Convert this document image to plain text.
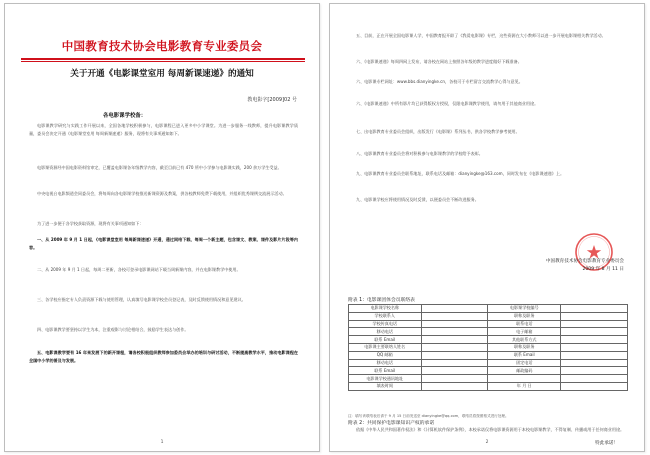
中国教育技术协会电影教育专业委员会
关于开通《电影课堂室用 每周新课速递》的通知
教电影字[2009]02 号
各电影课学校备：

电影课教学研究与实践工作开展以来，全国各地学校积极参与，电影课程已进入更多中小学课堂。为进一步服务一线教师，提升电影课教学质量，委员会决定开通《电影课堂室用 每周新课速递》服务，现将有关事项通知如下。

电影课资源经中国电影资料馆审定，已覆盖电影课各年级教学内容，截至目前已有 470 所中小学参与电影课实践，200 余万学生受益。

中央电视台电影频道会同委员会，将每周向各电影课学校推送新课资源及教案，供各校教师免费下载使用，并组织优秀课例交流展示活动。

为了进一步便于各学校获取资源，现将有关事项通知如下：

一、从 2009 年 9 月 1 日起，《电影课堂室用 每周新课速递》开通，通过网络下载、每周一个新主题，包含课文、教案、课件及影片片段等内容。

二、从 2009 年 9 月 1 日起，每周二更新，各校可登录电影课网站下载当周新课内容，并在电影课教学中使用。

三、各学校应指定专人负责资源下载与使用管理，认真填写电影课学校会员登记表，及时反馈使用情况和意见建议。

四、电影课教学要坚持以学生为本，注重观影与讨论相结合，鼓励学生表达与创作。

五、电影课教学要有 16 年来发展下的新开课程，请各校积极组织教师参加委员会举办的培训与研讨活动，不断提高教学水平，推动电影课程在全国中小学的普及与发展。

1

五、目前，正在开展全国电影课人学，中国教育报开辟了《我爱电影课》专栏，这些资源在大小教师可以进一步开展电影课相关教学活动。

六、《电影课速递》每周四网上发布，请各校在网站上按照各年级的教学进度做好下载准备。

六、电影课专栏网址：www.bbs.dianyingke.cn，各校可于专栏留言交流教学心得与意见。

六、《电影课速递》中所有影片均已获得版权方授权，仅限电影课教学使用，请勿用于其他商业用途。

七、出电影教育专业委员会组织，出版发行《电影课》系列丛书，供各学校教学参考使用。

八、电影课教育专业委员会将对积极参与电影课教学的学校给予表彰。

九、电影课教育专业委员会联系地址，联系电话及邮箱：dianyingke@163.com，同时发布在《电影课速递》上。

九、电影课学校应将使用情况及时反馈，以便委员会不断改进服务。

中国教育技术协会电影教育专业委员会
2009 年 8 月 11 日
附表 1：电影课团体会员联络表
电影课学校名称		电影课学校编号	
学校联系人		职称及职务	
学校传真电话		联系电话	
移动电话		电子邮箱	
联系 Email		其他联系方式	
电影课主要联络人姓名		职称及职务	
QQ 邮箱		联系 Email	
移动电话		固定电话	
联系 Email		邮政编码	
电影课学校通讯地址			
填表时间		年 月 日	
注：填写该联络表后请于 9 月 15 日前发送至 dianyingke@qq.com，联络员将按照格式进行处理。
附表 2：共同保护电影课知识产权的承诺

依据《中华人民共和国著作权法》和《计算机软件保护条例》，本校承诺仅将电影课资源用于本校电影课教学，不得复制、传播或用于任何商业用途。

特此承诺！
2
